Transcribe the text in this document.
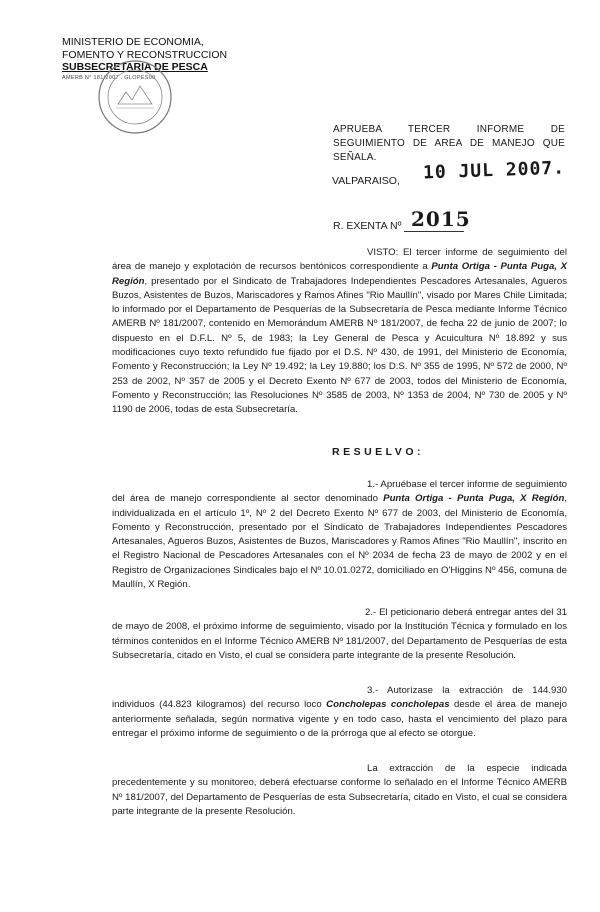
MINISTERIO DE ECONOMIA,
FOMENTO Y RECONSTRUCCION
SUBSECRETARIA DE PESCA
AMERB N° 181/2007 . GLOPES00
APRUEBA TERCER INFORME DE SEGUIMIENTO DE AREA DE MANEJO QUE SEÑALA.
10 JUL 2007.
VALPARAISO,
2015
R. EXENTA Nº
VISTO: El tercer informe de seguimiento del área de manejo y explotación de recursos bentónicos correspondiente a Punta Ortiga - Punta Puga, X Región, presentado por el Sindicato de Trabajadores Independientes Pescadores Artesanales, Agueros Buzos, Asistentes de Buzos, Mariscadores y Ramos Afines "Rio Maullín", visado por Mares Chile Limitada; lo informado por el Departamento de Pesquerías de la Subsecretaría de Pesca mediante Informe Técnico AMERB Nº 181/2007, contenido en Memorándum AMERB Nº 181/2007, de fecha 22 de junio de 2007; lo dispuesto en el D.F.L. Nº 5, de 1983; la Ley General de Pesca y Acuicultura Nº 18.892 y sus modificaciones cuyo texto refundido fue fijado por el D.S. Nº 430, de 1991, del Ministerio de Economía, Fomento y Reconstrucción; la Ley Nº 19.492; la Ley 19.880; los D.S. Nº 355 de 1995, Nº 572 de 2000, Nº 253 de 2002, Nº 357 de 2005 y el Decreto Exento Nº 677 de 2003, todos del Ministerio de Economía, Fomento y Reconstrucción; las Resoluciones Nº 3585 de 2003, Nº 1353 de 2004, Nº 730 de 2005 y Nº 1190 de 2006, todas de esta Subsecretaría.
RESUELVO:
1.- Apruébase el tercer informe de seguimiento del área de manejo correspondiente al sector denominado Punta Ortiga - Punta Puga, X Región, individualizada en el artículo 1º, Nº 2 del Decreto Exento Nº 677 de 2003, del Ministerio de Economía, Fomento y Reconstrucción, presentado por el Sindicato de Trabajadores Independientes Pescadores Artesanales, Agueros Buzos, Asistentes de Buzos, Mariscadores y Ramos Afines "Rio Maullín", inscrito en el Registro Nacional de Pescadores Artesanales con el Nº 2034 de fecha 23 de mayo de 2002 y en el Registro de Organizaciones Sindicales bajo el Nº 10.01.0272, domiciliado en O'Higgins Nº 456, comuna de Maullín, X Región.
2.- El peticionario deberá entregar antes del 31 de mayo de 2008, el próximo informe de seguimiento, visado por la Institución Técnica y formulado en los términos contenidos en el Informe Técnico AMERB Nº 181/2007, del Departamento de Pesquerías de esta Subsecretaría, citado en Visto, el cual se considera parte integrante de la presente Resolución.
3.- Autorízase la extracción de 144.930 individuos (44.823 kilogramos) del recurso loco Concholepas concholepas desde el área de manejo anteriormente señalada, según normativa vigente y en todo caso, hasta el vencimiento del plazo para entregar el próximo informe de seguimiento o de la prórroga que al efecto se otorgue.
La extracción de la especie indicada precedentemente y su monitoreo, deberá efectuarse conforme lo señalado en el Informe Técnico AMERB Nº 181/2007, del Departamento de Pesquerías de esta Subsecretaría, citado en Visto, el cual se considera parte integrante de la presente Resolución.
